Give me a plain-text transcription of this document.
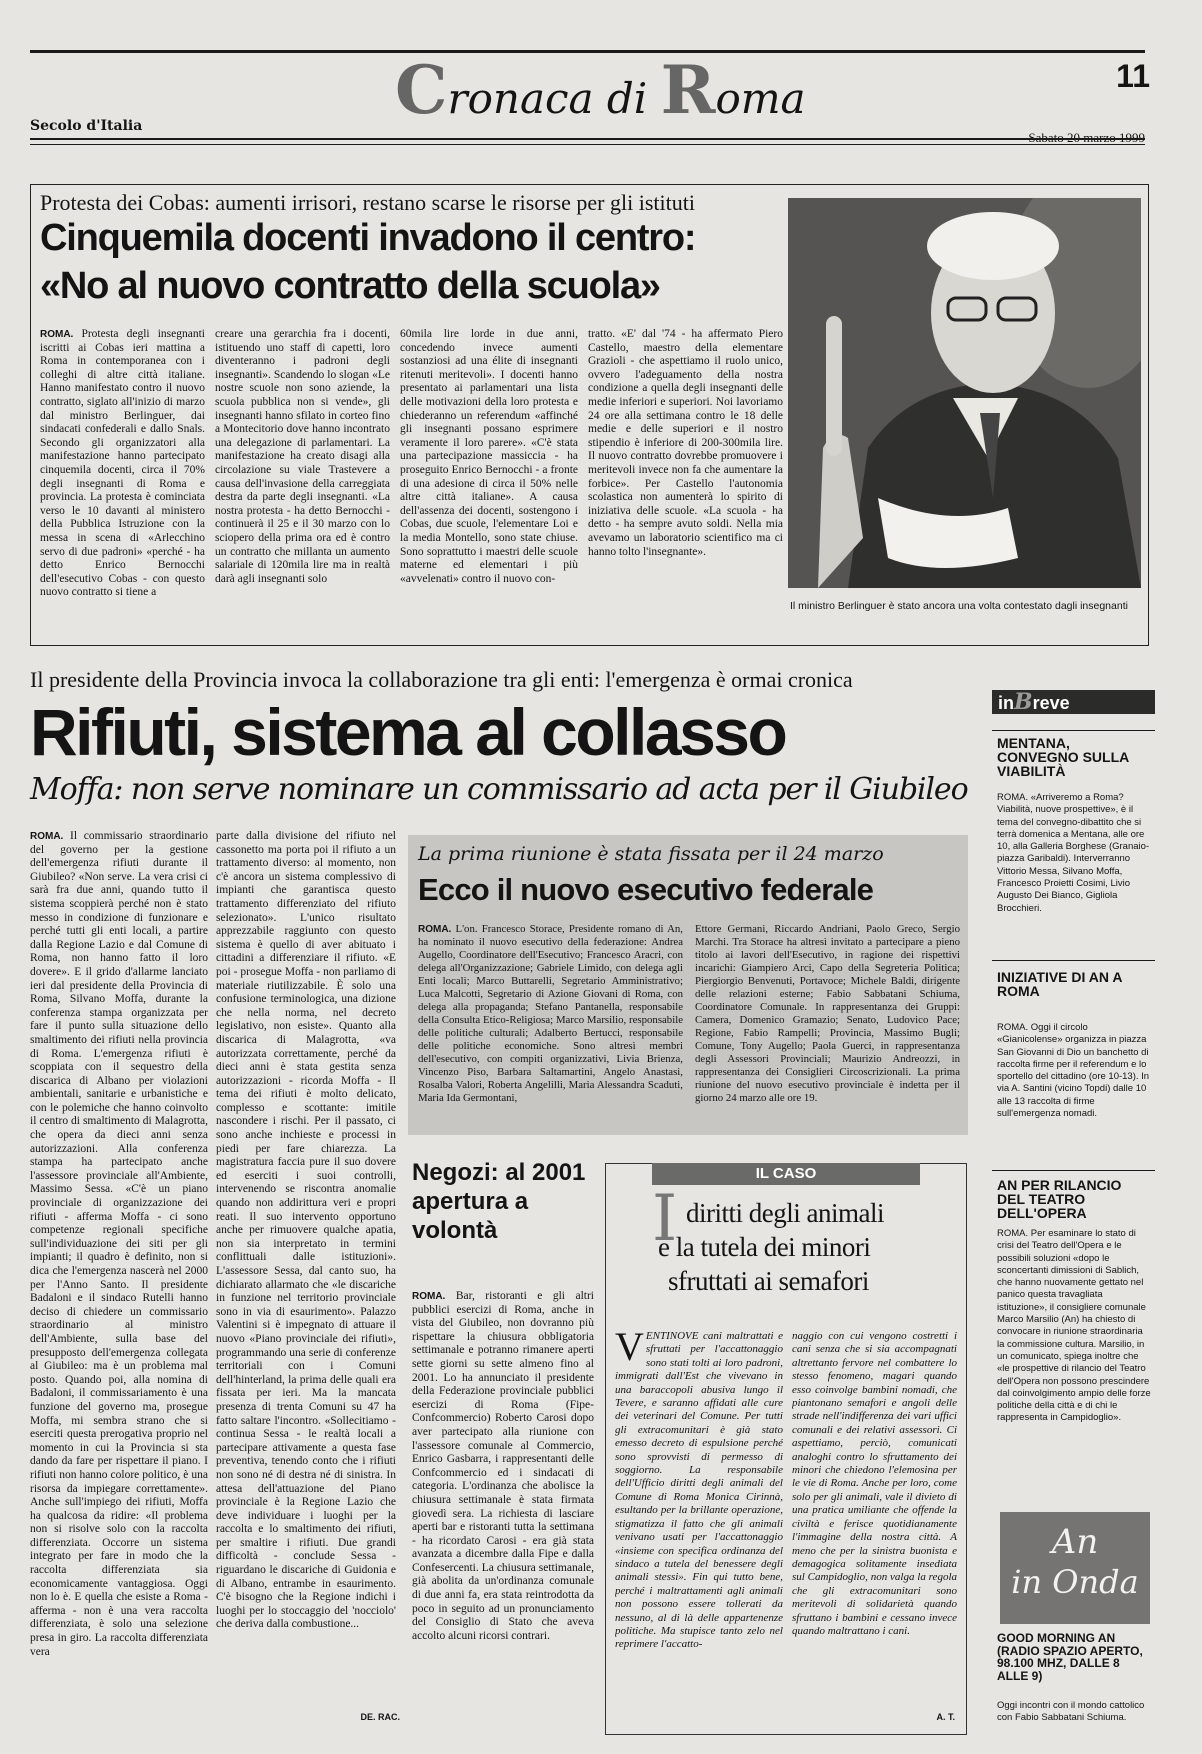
Cronaca di Roma	11
Secolo d'Italia
Protesta dei Cobas: aumenti irrisori, restano scarse le risorse per gli istituti
Cinquemila docenti invadono il centro:
«No al nuovo contratto della scuola»
ROMA. Protesta degli insegnanti iscritti ai Cobas ieri mattina a Roma in contemporanea con i colleghi di altre città italiane. Hanno manifestato contro il nuovo contratto, siglato all'inizio di marzo dal ministro Berlinguer, dai sindacati confederali e dallo Snals. Secondo gli organizzatori alla manifestazione hanno partecipato cinquemila docenti, circa il 70% degli insegnanti di Roma e provincia. La protesta è cominciata verso le 10 davanti al ministero della Pubblica Istruzione con la messa in scena di «Arlecchino servo di due padroni» «perché - ha detto Enrico Bernocchi dell'esecutivo Cobas - con questo nuovo contratto si tiene a
creare una gerarchia fra i docenti, istituendo uno staff di capetti, loro diventeranno i padroni degli insegnanti». Scandendo lo slogan «Le nostre scuole non sono aziende, la scuola pubblica non si vende», gli insegnanti hanno sfilato in corteo fino a Montecitorio dove hanno incontrato una delegazione di parlamentari. La manifestazione ha creato disagi alla circolazione su viale Trastevere a causa dell'invasione della carreggiata destra da parte degli insegnanti. «La nostra protesta - ha detto Bernocchi - continuerà il 25 e il 30 marzo con lo sciopero della prima ora ed è contro un contratto che millanta un aumento salariale di 120mila lire ma in realtà darà agli insegnanti solo
60mila lire lorde in due anni, concedendo invece aumenti sostanziosi ad una élite di insegnanti ritenuti meritevoli». I docenti hanno presentato ai parlamentari una lista delle motivazioni della loro protesta e chiederanno un referendum «affinché gli insegnanti possano esprimere veramente il loro parere». «C'è stata una partecipazione massiccia - ha proseguito Enrico Bernocchi - a fronte di una adesione di circa il 50% nelle altre città italiane». A causa dell'assenza dei docenti, sostengono i Cobas, due scuole, l'elementare Loi e la media Montello, sono state chiuse. Sono soprattutto i maestri delle scuole materne ed elementari i più «avvelenati» contro il nuovo con-
tratto. «E' dal '74 - ha affermato Piero Castello, maestro della elementare Grazioli - che aspettiamo il ruolo unico, ovvero l'adeguamento della nostra condizione a quella degli insegnanti delle medie inferiori e superiori. Noi lavoriamo 24 ore alla settimana contro le 18 delle medie e delle superiori e il nostro stipendio è inferiore di 200-300mila lire. Il nuovo contratto dovrebbe promuovere i meritevoli invece non fa che aumentare la forbice». Per Castello l'autonomia scolastica non aumenterà lo spirito di iniziativa delle scuole. «La scuola - ha detto - ha sempre avuto soldi. Nella mia avevamo un laboratorio scientifico ma ci hanno tolto l'insegnante».
Il ministro Berlinguer è stato ancora una volta contestato dagli insegnanti
Il presidente della Provincia invoca la collaborazione tra gli enti: l'emergenza è ormai cronica
Rifiuti, sistema al collasso
Moffa: non serve nominare un commissario ad acta per il Giubileo
ROMA. Il commissario straordinario del governo per la gestione dell'emergenza rifiuti durante il Giubileo? «Non serve. La vera crisi ci sarà fra due anni, quando tutto il sistema scoppierà perché non è stato messo in condizione di funzionare e perché tutti gli enti locali, a partire dalla Regione Lazio e dal Comune di Roma, non hanno fatto il loro dovere». E il grido d'allarme lanciato ieri dal presidente della Provincia di Roma, Silvano Moffa, durante la conferenza stampa organizzata per fare il punto sulla situazione dello smaltimento dei rifiuti nella provincia di Roma. L'emergenza rifiuti è scoppiata con il sequestro della discarica di Albano per violazioni ambientali, sanitarie e urbanistiche e con le polemiche che hanno coinvolto il centro di smaltimento di Malagrotta, che opera da dieci anni senza autorizzazioni. Alla conferenza stampa ha partecipato anche l'assessore provinciale all'Ambiente, Massimo Sessa. «C'è un piano provinciale di organizzazione dei rifiuti - afferma Moffa - ci sono competenze regionali specifiche sull'individuazione dei siti per gli impianti; il quadro è definito, non si dica che l'emergenza nascerà nel 2000 per l'Anno Santo. Il presidente Badaloni e il sindaco Rutelli hanno deciso di chiedere un commissario straordinario al ministro dell'Ambiente, sulla base del presupposto dell'emergenza collegata al Giubileo: ma è un problema mal posto. Quando poi, alla nomina di Badaloni, il commissariamento è una funzione del governo ma, prosegue Moffa, mi sembra strano che si eserciti questa prerogativa proprio nel momento in cui la Provincia si sta dando da fare per rispettare il piano. I rifiuti non hanno colore politico, è una risorsa da impiegare correttamente». Anche sull'impiego dei rifiuti, Moffa ha qualcosa da ridire: «Il problema non si risolve solo con la raccolta differenziata. Occorre un sistema integrato per fare in modo che la raccolta differenziata sia economicamente vantaggiosa. Oggi non lo è. E quella che esiste a Roma - afferma - non è una vera raccolta differenziata, è solo una selezione presa in giro. La raccolta differenziata vera
parte dalla divisione del rifiuto nel cassonetto ma porta poi il rifiuto a un trattamento diverso: al momento, non c'è ancora un sistema complessivo di impianti che garantisca questo trattamento differenziato del rifiuto selezionato». L'unico risultato apprezzabile raggiunto con questo sistema è quello di aver abituato i cittadini a differenziare il rifiuto. «E poi - prosegue Moffa - non parliamo di materiale riutilizzabile. È solo una confusione terminologica, una dizione che nella norma, nel decreto legislativo, non esiste». Quanto alla discarica di Malagrotta, «va autorizzata correttamente, perché da dieci anni è stata gestita senza autorizzazioni - ricorda Moffa - Il tema dei rifiuti è molto delicato, complesso e scottante: imitile nascondere i rischi. Per il passato, ci sono anche inchieste e processi in piedi per fare chiarezza. La magistratura faccia pure il suo dovere ed eserciti i suoi controlli, intervenendo se riscontra anomalie quando non addirittura veri e propri reati. Il suo intervento opportuno anche per rimuovere qualche apatia, non sia interpretato in termini conflittuali dalle istituzioni». L'assessore Sessa, dal canto suo, ha dichiarato allarmato che «le discariche in funzione nel territorio provinciale sono in via di esaurimento». Palazzo Valentini si è impegnato di attuare il nuovo «Piano provinciale dei rifiuti», programmando una serie di conferenze territoriali con i Comuni dell'hinterland, la prima delle quali era fissata per ieri. Ma la mancata presenza di trenta Comuni su 47 ha fatto saltare l'incontro. «Sollecitiamo - continua Sessa - le realtà locali a partecipare attivamente a questa fase preventiva, tenendo conto che i rifiuti non sono né di destra né di sinistra. In attesa dell'attuazione del Piano provinciale è la Regione Lazio che deve individuare i luoghi per la raccolta e lo smaltimento dei rifiuti, per smaltire i rifiuti. Due grandi difficoltà - conclude Sessa - riguardano le discariche di Guidonia e di Albano, entrambe in esaurimento. C'è bisogno che la Regione indichi i luoghi per lo stoccaggio del 'nocciolo' che deriva dalla combustione...
DE. RAC.
La prima riunione è stata fissata per il 24 marzo
Ecco il nuovo esecutivo federale
ROMA. L'on. Francesco Storace, Presidente romano di An, ha nominato il nuovo esecutivo della federazione: Andrea Augello, Coordinatore dell'Esecutivo; Francesco Aracri, con delega all'Organizzazione; Gabriele Limido, con delega agli Enti locali; Marco Buttarelli, Segretario Amministrativo; Luca Malcotti, Segretario di Azione Giovani di Roma, con delega alla propaganda; Stefano Pantanella, responsabile della Consulta Etico-Religiosa; Marco Marsilio, responsabile delle politiche culturali; Adalberto Bertucci, responsabile delle politiche economiche. Sono altresì membri dell'esecutivo, con compiti organizzativi, Livia Brienza, Vincenzo Piso, Barbara Saltamartini, Angelo Anastasi, Rosalba Valori, Roberta Angelilli, Maria Alessandra Scaduti, Maria Ida Germontani,
Ettore Germani, Riccardo Andriani, Paolo Greco, Sergio Marchi. Tra Storace ha altresì invitato a partecipare a pieno titolo ai lavori dell'Esecutivo, in ragione dei rispettivi incarichi: Giampiero Arci, Capo della Segreteria Politica; Piergiorgio Benvenuti, Portavoce; Michele Baldi, dirigente delle relazioni esterne; Fabio Sabbatani Schiuma, Coordinatore Comunale. In rappresentanza dei Gruppi: Camera, Domenico Gramazio; Senato, Ludovico Pace; Regione, Fabio Rampelli; Provincia, Massimo Bugli; Comune, Tony Augello; Paola Guerci, in rappresentanza degli Assessori Provinciali; Maurizio Andreozzi, in rappresentanza dei Consiglieri Circoscrizionali. La prima riunione del nuovo esecutivo provinciale è indetta per il giorno 24 marzo alle ore 19.
Negozi: al 2001 apertura a volontà
ROMA. Bar, ristoranti e gli altri pubblici esercizi di Roma, anche in vista del Giubileo, non dovranno più rispettare la chiusura obbligatoria settimanale e potranno rimanere aperti sette giorni su sette almeno fino al 2001. Lo ha annunciato il presidente della Federazione provinciale pubblici esercizi di Roma (Fipe-Confcommercio) Roberto Carosi dopo aver partecipato alla riunione con l'assessore comunale al Commercio, Enrico Gasbarra, i rappresentanti delle Confcommercio ed i sindacati di categoria. L'ordinanza che abolisce la chiusura settimanale è stata firmata giovedì sera. La richiesta di lasciare aperti bar e ristoranti tutta la settimana - ha ricordato Carosi - era già stata avanzata a dicembre dalla Fipe e dalla Confesercenti. La chiusura settimanale, già abolita da un'ordinanza comunale di due anni fa, era stata reintrodotta da poco in seguito ad un pronunciamento del Consiglio di Stato che aveva accolto alcuni ricorsi contrari.
IL CASO
I diritti degli animali
e la tutela dei minori
sfruttati ai semafori
VENTINOVE cani maltrattati e sfruttati per l'accattonaggio sono stati tolti ai loro padroni, immigrati dall'Est che vivevano in una baraccopoli abusiva lungo il Tevere, e saranno affidati alle cure dei veterinari del Comune. Per tutti gli extracomunitari è già stato emesso decreto di espulsione perché sono sprovvisti di permesso di soggiorno. La responsabile dell'Ufficio diritti degli animali del Comune di Roma Monica Cirinnà, esultando per la brillante operazione, stigmatizza il fatto che gli animali venivano usati per l'accattonaggio «insieme con specifica ordinanza del sindaco a tutela del benessere degli animali stessi». Fin qui tutto bene, perché i maltrattamenti agli animali non possono essere tollerati da nessuno, al di là delle appartenenze politiche. Ma stupisce tanto zelo nel reprimere l'accatto-
naggio con cui vengono costretti i cani senza che si sia accompagnati altrettanto fervore nel combattere lo stesso fenomeno, magari quando esso coinvolge bambini nomadi, che piantonano semafori e angoli delle strade nell'indifferenza dei vari uffici comunali e dei relativi assessori. Ci aspettiamo, perciò, comunicati analoghi contro lo sfruttamento dei minori che chiedono l'elemosina per le vie di Roma. Anche per loro, come solo per gli animali, vale il divieto di una pratica umiliante che offende la civiltà e ferisce quotidianamente l'immagine della nostra città. A meno che per la sinistra buonista e demagogica solitamente insediata sul Campidoglio, non valga la regola che gli extracomunitari sono meritevoli di solidarietà quando sfruttano i bambini e cessano invece quando maltrattano i cani.
A. T.
inBreve
MENTANA, CONVEGNO SULLA VIABILITÀ
ROMA. «Arriveremo a Roma? Viabilità, nuove prospettive», è il tema del convegno-dibattito che si terrà domenica a Mentana, alle ore 10, alla Galleria Borghese (Granaio- piazza Garibaldi). Interverranno Vittorio Messa, Silvano Moffa, Francesco Proietti Cosimi, Livio Augusto Dei Bianco, Gigliola Brocchieri.
INIZIATIVE DI AN A ROMA
ROMA. Oggi il circolo «Gianicolense» organizza in piazza San Giovanni di Dio un banchetto di raccolta firme per il referendum e lo sportello del cittadino (ore 10-13). In via A. Santini (vicino Topdi) dalle 10 alle 13 raccolta di firme sull'emergenza nomadi.
AN PER RILANCIO DEL TEATRO DELL'OPERA
ROMA. Per esaminare lo stato di crisi del Teatro dell'Opera e le possibili soluzioni «dopo le sconcertanti dimissioni di Sablich, che hanno nuovamente gettato nel panico questa travagliata istituzione», il consigliere comunale Marco Marsilio (An) ha chiesto di convocare in riunione straordinaria la commissione cultura. Marsilio, in un comunicato, spiega inoltre che «le prospettive di rilancio del Teatro dell'Opera non possono prescindere dal coinvolgimento ampio delle forze politiche della città e di chi le rappresenta in Campidoglio».
An
in Onda
GOOD MORNING AN (RADIO SPAZIO APERTO, 98.100 MHZ, DALLE 8 ALLE 9)
Oggi incontri con il mondo cattolico con Fabio Sabbatani Schiuma.
